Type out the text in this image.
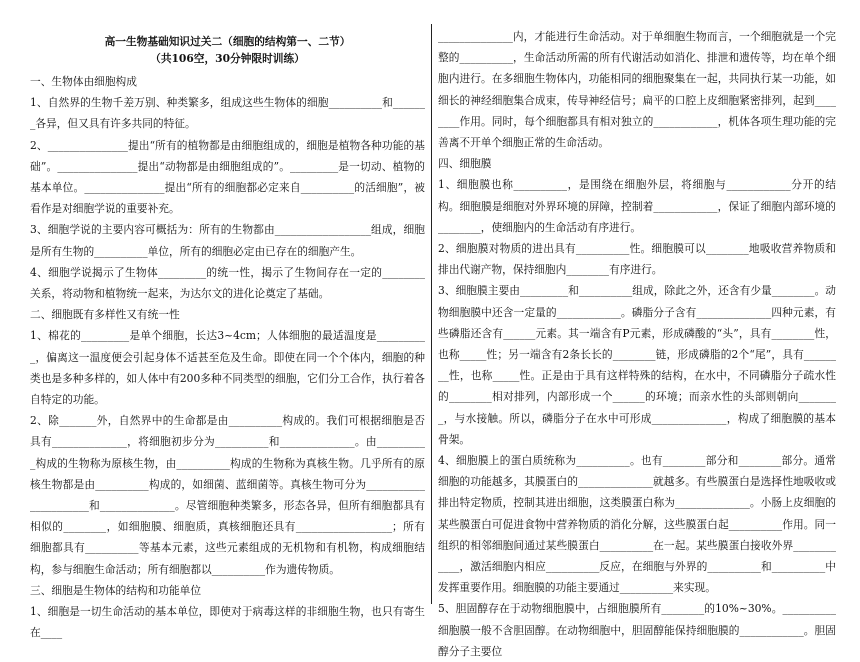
高一生物基础知识过关二（细胞的结构第一、二节）
（共106空，30分钟限时训练）

一、生物体由细胞构成

1、自然界的生物千差万别、种类繁多，组成这些生物体的细胞__________和_______各异，但又具有许多共同的特征。

2、_______________提出“所有的植物都是由细胞组成的，细胞是植物各种功能的基础”。_______________提出“动物都是由细胞组成的”。_________是一切动、植物的基本单位。_______________提出“所有的细胞都必定来自__________的活细胞”，被看作是对细胞学说的重要补充。

3、细胞学说的主要内容可概括为：所有的生物都由__________________组成，细胞是所有生物的__________单位，所有的细胞必定由已存在的细胞产生。

4、细胞学说揭示了生物体_________的统一性，揭示了生物间存在一定的________关系，将动物和植物统一起来，为达尔文的进化论奠定了基础。

二、细胞既有多样性又有统一性

1、棉花的_________是单个细胞，长达3~4cm；人体细胞的最适温度是__________，偏离这一温度便会引起身体不适甚至危及生命。即使在同一个个体内，细胞的种类也是多种多样的，如人体中有200多种不同类型的细胞，它们分工合作，执行着各自特定的功能。

2、除_______外，自然界中的生命都是由__________构成的。我们可根据细胞是否具有______________，将细胞初步分为__________和______________。由__________构成的生物称为原核生物，由__________构成的生物称为真核生物。几乎所有的原核生物都是由__________构成的，如细菌、蓝细菌等。真核生物可分为______________________和______________。尽管细胞种类繁多，形态各异，但所有细胞都具有相似的________，如细胞膜、细胞质，真核细胞还具有__________________；所有细胞都具有__________等基本元素，这些元素组成的无机物和有机物，构成细胞结构，参与细胞生命活动；所有细胞都以__________作为遗传物质。

三、细胞是生物体的结构和功能单位

1、细胞是一切生命活动的基本单位，即使对于病毒这样的非细胞生物，也只有寄生在____

______________内，才能进行生命活动。对于单细胞生物而言，一个细胞就是一个完整的__________，生命活动所需的所有代谢活动如消化、排泄和遗传等，均在单个细胞内进行。在多细胞生物体内，功能相同的细胞聚集在一起，共同执行某一功能，如细长的神经细胞集合成束，传导神经信号；扁平的口腔上皮细胞紧密排列，起到________作用。同时，每个细胞都具有相对独立的____________，机体各项生理功能的完善离不开单个细胞正常的生命活动。

四、细胞膜

1、细胞膜也称__________，是围绕在细胞外层，将细胞与____________分开的结构。细胞膜是细胞对外界环境的屏障，控制着____________，保证了细胞内部环境的________，使细胞内的生命活动有序进行。

2、细胞膜对物质的进出具有__________性。细胞膜可以________地吸收营养物质和排出代谢产物，保持细胞内________有序进行。

3、细胞膜主要由_________和__________组成，除此之外，还含有少量________。动物细胞膜中还含一定量的____________。磷脂分子含有______________四种元素，有些磷脂还含有______元素。其一端含有P元素，形成磷酸的“头”，具有________性，也称_____性；另一端含有2条长长的________链，形成磷脂的2个“尾”，具有________性，也称_____性。正是由于具有这样特殊的结构，在水中，不同磷脂分子疏水性的________相对排列，内部形成一个______的环境；而亲水性的头部则朝向________，与水接触。所以，磷脂分子在水中可形成______________，构成了细胞膜的基本骨架。

4、细胞膜上的蛋白质统称为__________。也有________部分和________部分。通常细胞的功能越多，其膜蛋白的______________就越多。有些膜蛋白是选择性地吸收或排出特定物质，控制其进出细胞，这类膜蛋白称为______________。小肠上皮细胞的某些膜蛋白可促进食物中营养物质的消化分解，这些膜蛋白起__________作用。同一组织的相邻细胞间通过某些膜蛋白__________在一起。某些膜蛋白接收外界____________，激活细胞内相应__________反应，在细胞与外界的__________和__________中发挥重要作用。细胞膜的功能主要通过__________来实现。

5、胆固醇存在于动物细胞膜中，占细胞膜所有________的10%~30%。__________细胞膜一般不含胆固醇。在动物细胞中，胆固醇能保持细胞膜的____________。胆固醇分子主要位
